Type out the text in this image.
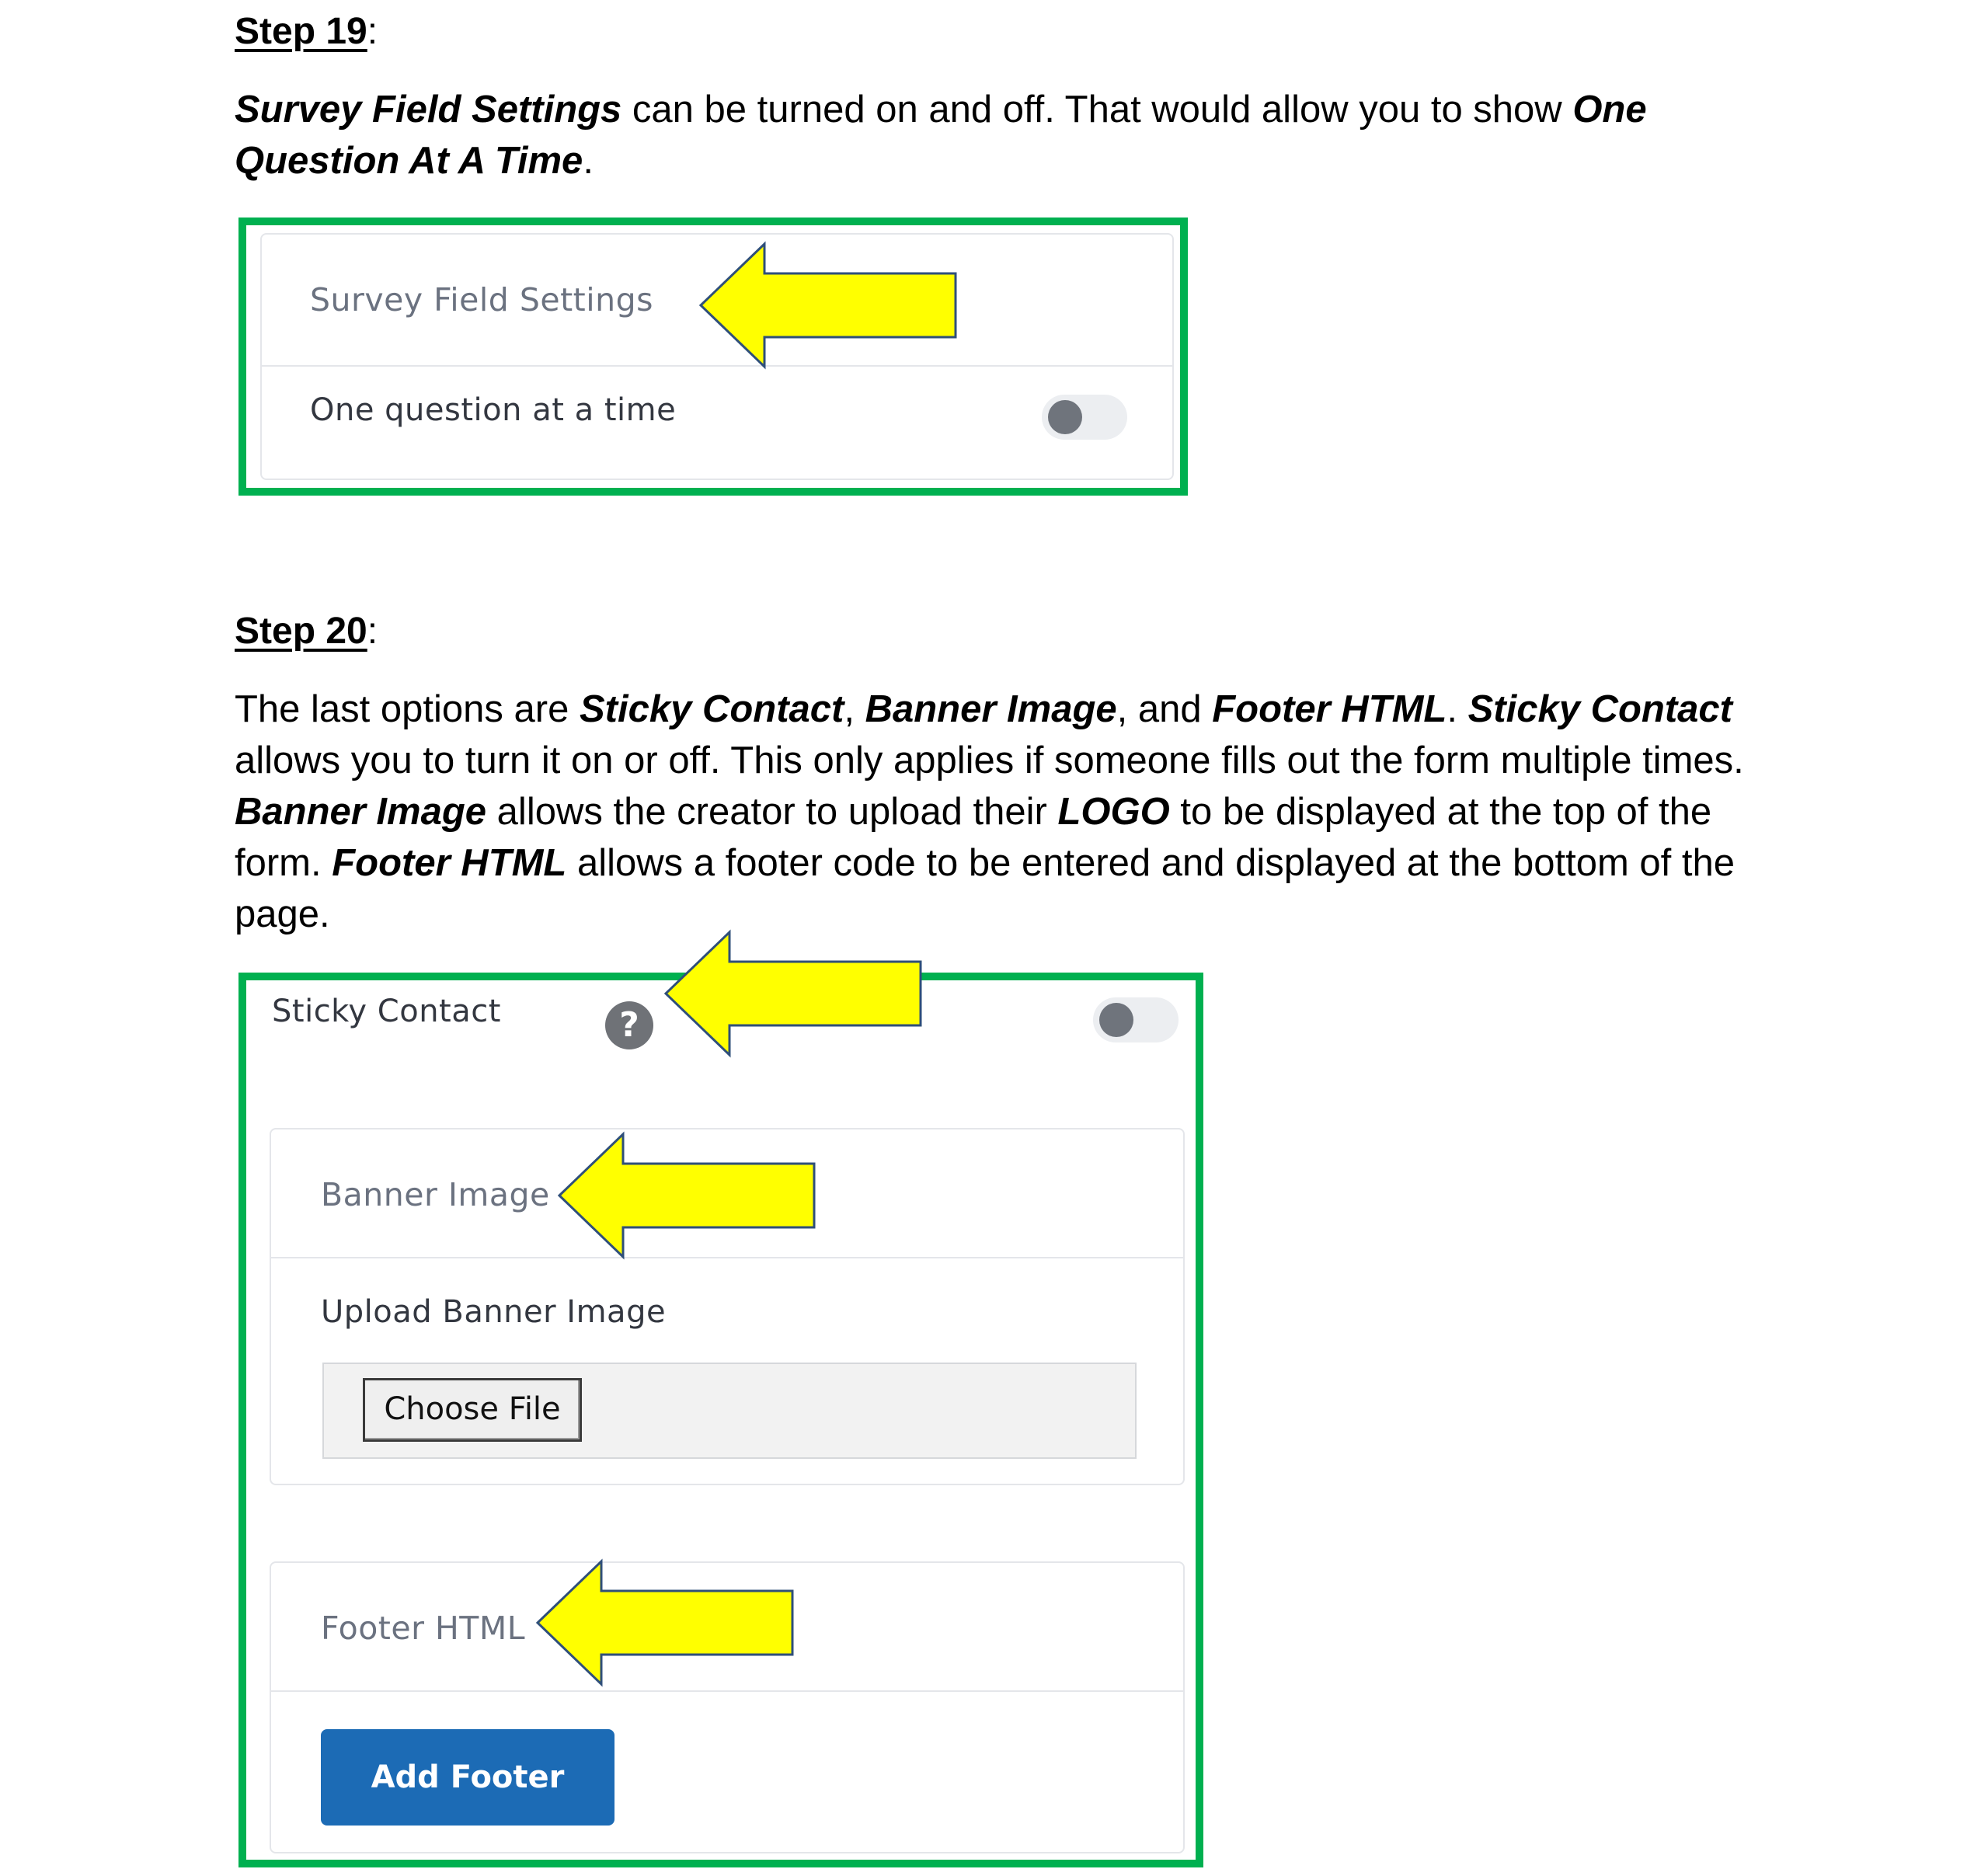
Step 19:
Survey Field Settings can be turned on and off. That would allow you to show One Question At A Time.
Survey Field Settings
One question at a time
Step 20:
The last options are Sticky Contact, Banner Image, and Footer HTML. Sticky Contact allows you to turn it on or off. This only applies if someone fills out the form multiple times. Banner Image allows the creator to upload their LOGO to be displayed at the top of the form. Footer HTML allows a footer code to be entered and displayed at the bottom of the page.
Sticky Contact	?
Banner Image
Upload Banner Image
Choose File
Footer HTML
Add Footer
